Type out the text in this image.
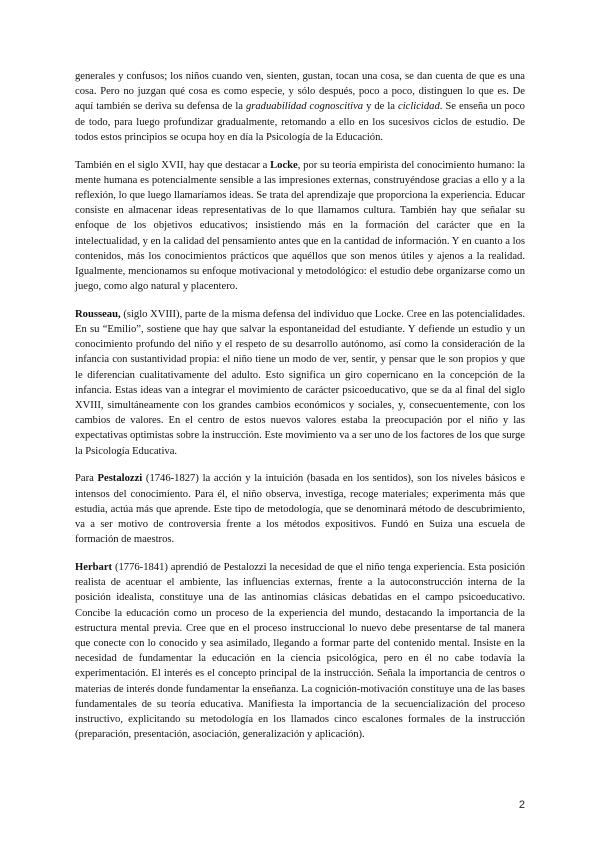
generales y confusos; los niños cuando ven, sienten, gustan, tocan una cosa, se dan cuenta de que es una cosa. Pero no juzgan qué cosa es como especie, y sólo después, poco a poco, distinguen lo que es. De aquí también se deriva su defensa de la graduabilidad cognoscitiva y de la ciclicidad. Se enseña un poco de todo, para luego profundizar gradualmente, retomando a ello en los sucesivos ciclos de estudio. De todos estos principios se ocupa hoy en día la Psicología de la Educación.

También en el siglo XVII, hay que destacar a Locke, por su teoría empirista del conocimiento humano: la mente humana es potencialmente sensible a las impresiones externas, construyéndose gracias a ello y a la reflexión, lo que luego llamaríamos ideas. Se trata del aprendizaje que proporciona la experiencia. Educar consiste en almacenar ideas representativas de lo que llamamos cultura. También hay que señalar su enfoque de los objetivos educativos; insistiendo más en la formación del carácter que en la intelectualidad, y en la calidad del pensamiento antes que en la cantidad de información. Y en cuanto a los contenidos, más los conocimientos prácticos que aquéllos que son menos útiles y ajenos a la realidad. Igualmente, mencionamos su enfoque motivacional y metodológico: el estudio debe organizarse como un juego, como algo natural y placentero.

Rousseau, (siglo XVIII), parte de la misma defensa del individuo que Locke. Cree en las potencialidades. En su “Emilio”, sostiene que hay que salvar la espontaneidad del estudiante. Y defiende un estudio y un conocimiento profundo del niño y el respeto de su desarrollo autónomo, así como la consideración de la infancia con sustantividad propia: el niño tiene un modo de ver, sentir, y pensar que le son propios y que le diferencian cualitativamente del adulto. Esto significa un giro copernicano en la concepción de la infancia. Estas ideas van a integrar el movimiento de carácter psicoeducativo, que se da al final del siglo XVIII, simultáneamente con los grandes cambios económicos y sociales, y, consecuentemente, con los cambios de valores. En el centro de estos nuevos valores estaba la preocupación por el niño y las expectativas optimistas sobre la instrucción. Este movimiento va a ser uno de los factores de los que surge la Psicología Educativa.

Para Pestalozzi (1746-1827) la acción y la intuición (basada en los sentidos), son los niveles básicos e intensos del conocimiento. Para él, el niño observa, investiga, recoge materiales; experimenta más que estudia, actúa más que aprende. Este tipo de metodología, que se denominará método de descubrimiento, va a ser motivo de controversia frente a los métodos expositivos. Fundó en Suiza una escuela de formación de maestros.

Herbart (1776-1841) aprendió de Pestalozzi la necesidad de que el niño tenga experiencia. Esta posición realista de acentuar el ambiente, las influencias externas, frente a la autoconstrucción interna de la posición idealista, constituye una de las antinomias clásicas debatidas en el campo psicoeducativo. Concibe la educación como un proceso de la experiencia del mundo, destacando la importancia de la estructura mental previa. Cree que en el proceso instruccional lo nuevo debe presentarse de tal manera que conecte con lo conocido y sea asimilado, llegando a formar parte del contenido mental. Insiste en la necesidad de fundamentar la educación en la ciencia psicológica, pero en él no cabe todavía la experimentación. El interés es el concepto principal de la instrucción. Señala la importancia de centros o materias de interés donde fundamentar la enseñanza. La cognición-motivación constituye una de las bases fundamentales de su teoría educativa. Manifiesta la importancia de la secuencialización del proceso instructivo, explicitando su metodología en los llamados cinco escalones formales de la instrucción (preparación, presentación, asociación, generalización y aplicación).

2
